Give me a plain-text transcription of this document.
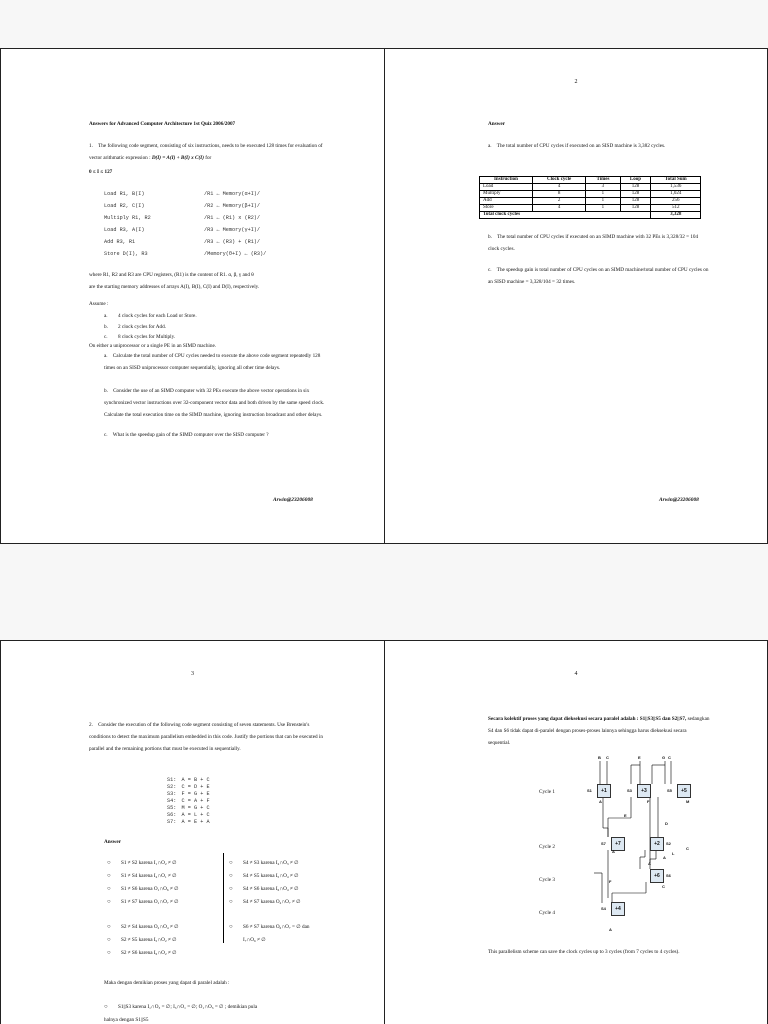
Answers for Advanced Computer Architecture 1st Quiz 2006/2007
1. The following code segment, consisting of six instructions, needs to be executed 128 times for evaluation of vector arithmatic expression : D(I) = A(I) + B(I) x C(I) for
0 ≤ I ≤ 127
Load R1, B(I)	/R1 ← Memory(α+I)/
Load R2, C(I)	/R2 ← Memory(β+I)/
Multiply R1, R2	/R1 ← (R1) x (R2)/
Load R3, A(I)	/R3 ← Memory(γ+I)/
Add R3, R1	/R3 ← (R3) + (R1)/
Store D(I), R3	/Memory(θ+I) ← (R3)/
where R1, R2 and R3 are CPU registers, (R1) is the content of R1. α, β, γ and θ
are the starting memory addresses of arrays A(I), B(I), C(I) and D(I), respectively.
Assume :
a.	4 clock cycles for each Load or Store.
b.	2 clock cycles for Add.
c.	8 clock cycles for Multiply.
On either a uniprocessor or a single PE in an SIMD machine.
a. Calculate the total number of CPU cycles needed to execute the above code segment repeatedly 128 times on an SISD uniprocessor computer sequentially, ignoring all other time delays.
b. Consider the use of an SIMD computer with 32 PEs execute the above vector operations in six synchronized vector instructions over 32-component vector data and both driven by the same speed clock. Calculate the total execution time on the SIMD machine, ignoring instruction broadcast and other delays.
c. What is the speedup gain of the SIMD computer over the SISD computer ?
Arwin@23206008
2
Answer
a. The total number of CPU cycles if executed on an SISD machine is 3,382 cycles.
Instruction	Clock cycle	Times	Loop	Total Sum
Load	4	3	128	1,536
Multiply	8	1	128	1,024
Add	2	1	128	256
Store	4	1	128	512
Total clock cycles				3,328
b. The total number of CPU cycles if executed on an SIMD machine with 32 PEs is 3,328/32 = 104 clock cycles.
c. The speedup gain is total number of CPU cycles on an SIMD machine/total number of CPU cycles on an SISD machine = 3,328/104 = 32 times.
Arwin@23206008
3
2. Consider the execution of the following code segment consisting of seven statements. Use Brenstein's conditions to detect the maximum parallelism embedded in this code. Justify the portions that can be executed in parallel and the remaining portions that must be executed in sequentially.
S1: A = B + C
S2: C = D + E
S3: F = G + E
S4: C = A + F
S5: M = G + C
S6: A = L + C
S7: A = E + A
Answer
○	S1 ≠ S2 karena I₁∩O₂ ≠ ∅
○	S1 ≠ S4 karena I₄∩O₁ ≠ ∅
○	S1 ≠ S6 karena O₁∩O₆ ≠ ∅
○	S1 ≠ S7 karena O₁∩O₇ ≠ ∅
○	S2 ≠ S4 karena O₂∩O₄ ≠ ∅
○	S2 ≠ S5 karena I₅∩O₂ ≠ ∅
○	S2 ≠ S6 karena I₆∩O₂ ≠ ∅
○	S4 ≠ S3 karena I₄∩O₃ ≠ ∅
○	S4 ≠ S5 karena I₅∩O₄ ≠ ∅
○	S4 ≠ S6 karena I₆∩O₄ ≠ ∅
○	S4 ≠ S7 karena O₄∩O₇ ≠ ∅
○	S6 ≠ S7 karena O₆∩O₇ = ∅ dan
I₇∩O₆ ≠ ∅
Maka dengan demikian proses yang dapat di paralel adalah :
○	S1||S3 karena I₁∩O₃ = ∅; I₃∩O₁ = ∅; O₁∩O₃ = ∅ ; demikian pula
halnya dengan S1||S5
4
Secara kolektif proses yang dapat dieksekusi secara paralel adalah : S1||S3||S5 dan S2||S7, sedangkan S4 dan S6 tidak dapat di-paralel dengan proses-proses lainnya sehingga harus dieksekusi secara sequential.
Cycle 1
Cycle 2
Cycle 3
Cycle 4
+1	+3	+5
+7	+2
+6
+4
S1	S3	S5
S7	S2
S6
S4
B C	E	G C
A	F	M
E
D
C
L
A
A
F
C
A
A
This parallelism scheme can save the clock cycles up to 3 cycles (from 7 cycles to 4 cycles).
